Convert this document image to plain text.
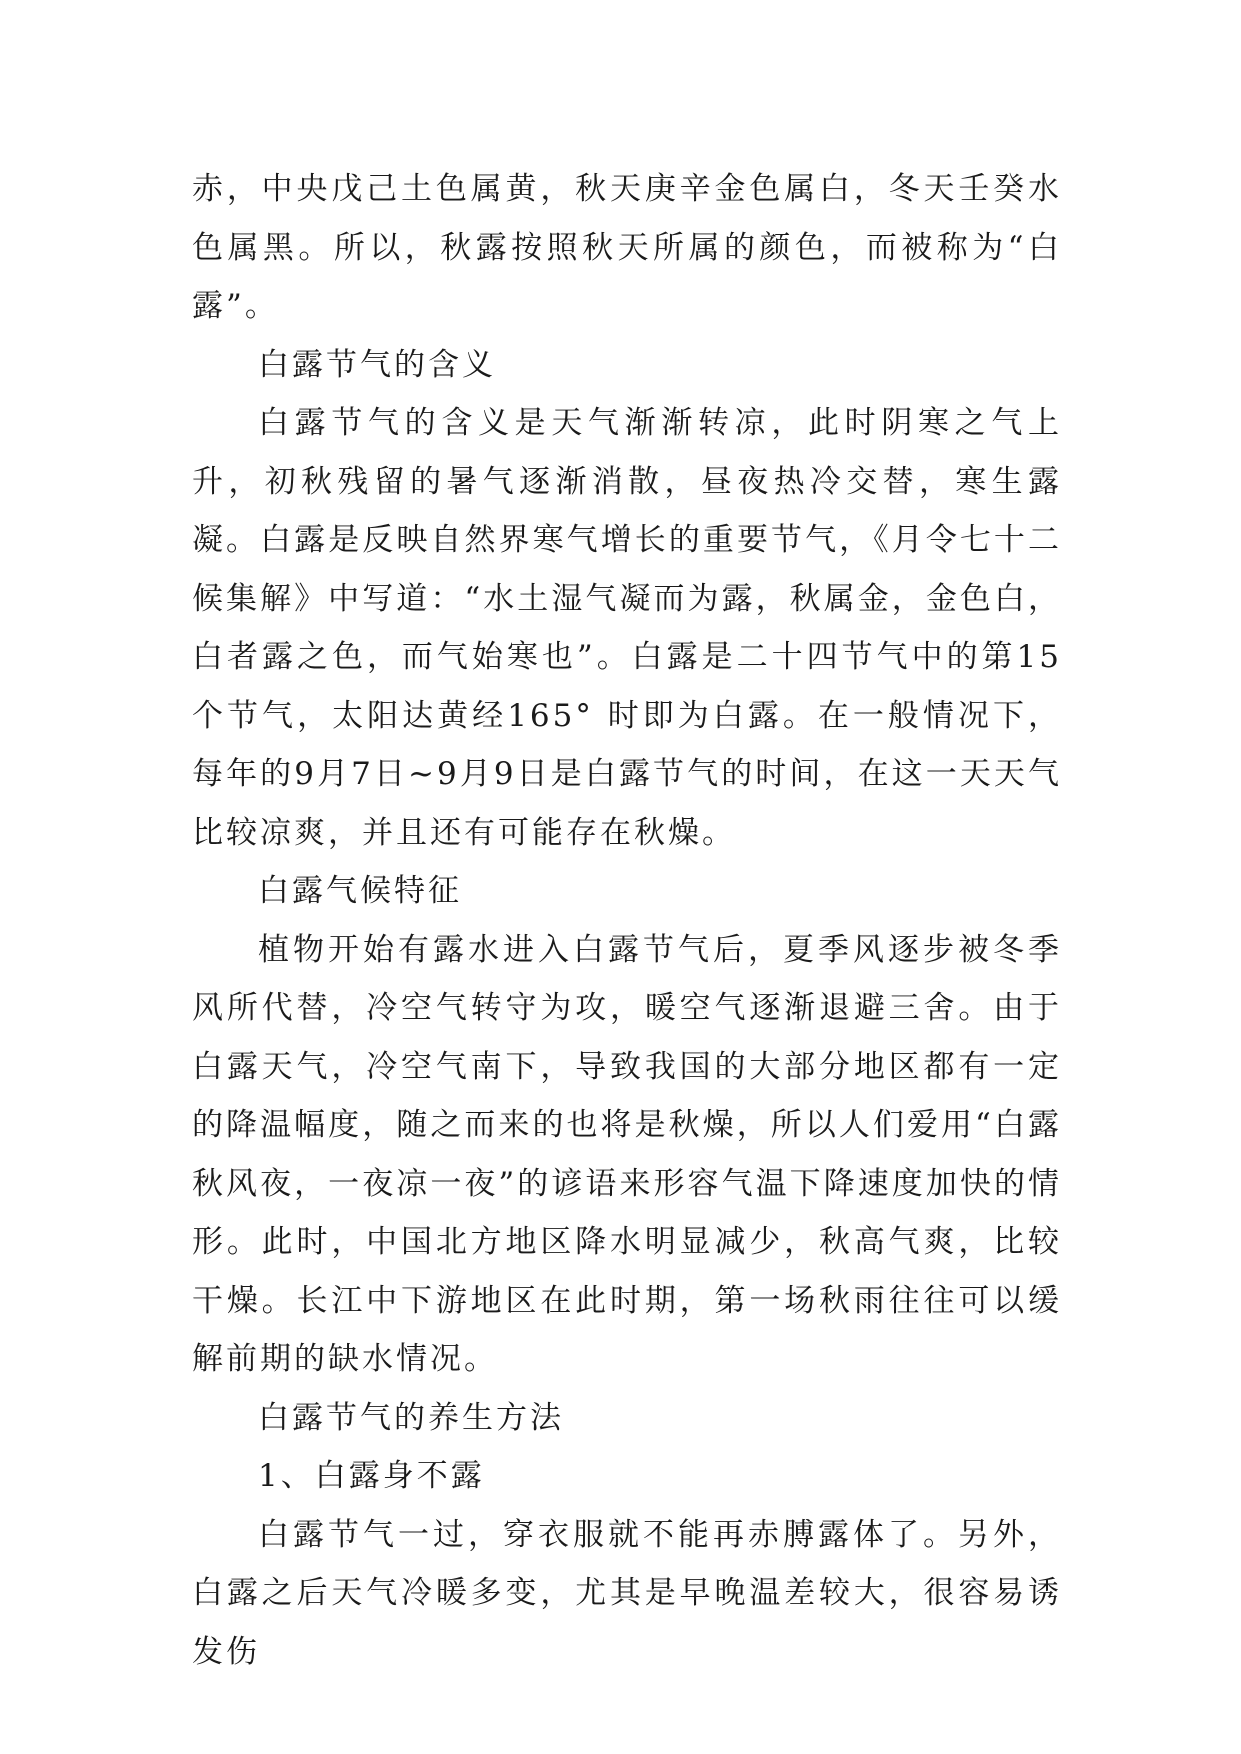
赤，中央戊己土色属黄，秋天庚辛金色属白，冬天壬癸水色属黑。所以，秋露按照秋天所属的颜色，而被称为“白露”。

白露节气的含义

白露节气的含义是天气渐渐转凉，此时阴寒之气上升，初秋残留的暑气逐渐消散，昼夜热冷交替，寒生露凝。白露是反映自然界寒气增长的重要节气，《月令七十二候集解》中写道：“水土湿气凝而为露，秋属金，金色白，白者露之色，而气始寒也”。白露是二十四节气中的第15个节气，太阳达黄经165° 时即为白露。在一般情况下，每年的9月7日~9月9日是白露节气的时间，在这一天天气比较凉爽，并且还有可能存在秋燥。

白露气候特征

植物开始有露水进入白露节气后，夏季风逐步被冬季风所代替，冷空气转守为攻，暖空气逐渐退避三舍。由于白露天气，冷空气南下，导致我国的大部分地区都有一定的降温幅度，随之而来的也将是秋燥，所以人们爱用“白露秋风夜，一夜凉一夜”的谚语来形容气温下降速度加快的情形。此时，中国北方地区降水明显减少，秋高气爽，比较干燥。长江中下游地区在此时期，第一场秋雨往往可以缓解前期的缺水情况。

白露节气的养生方法

1、白露身不露

白露节气一过，穿衣服就不能再赤膊露体了。另外，白露之后天气冷暖多变，尤其是早晚温差较大，很容易诱发伤
